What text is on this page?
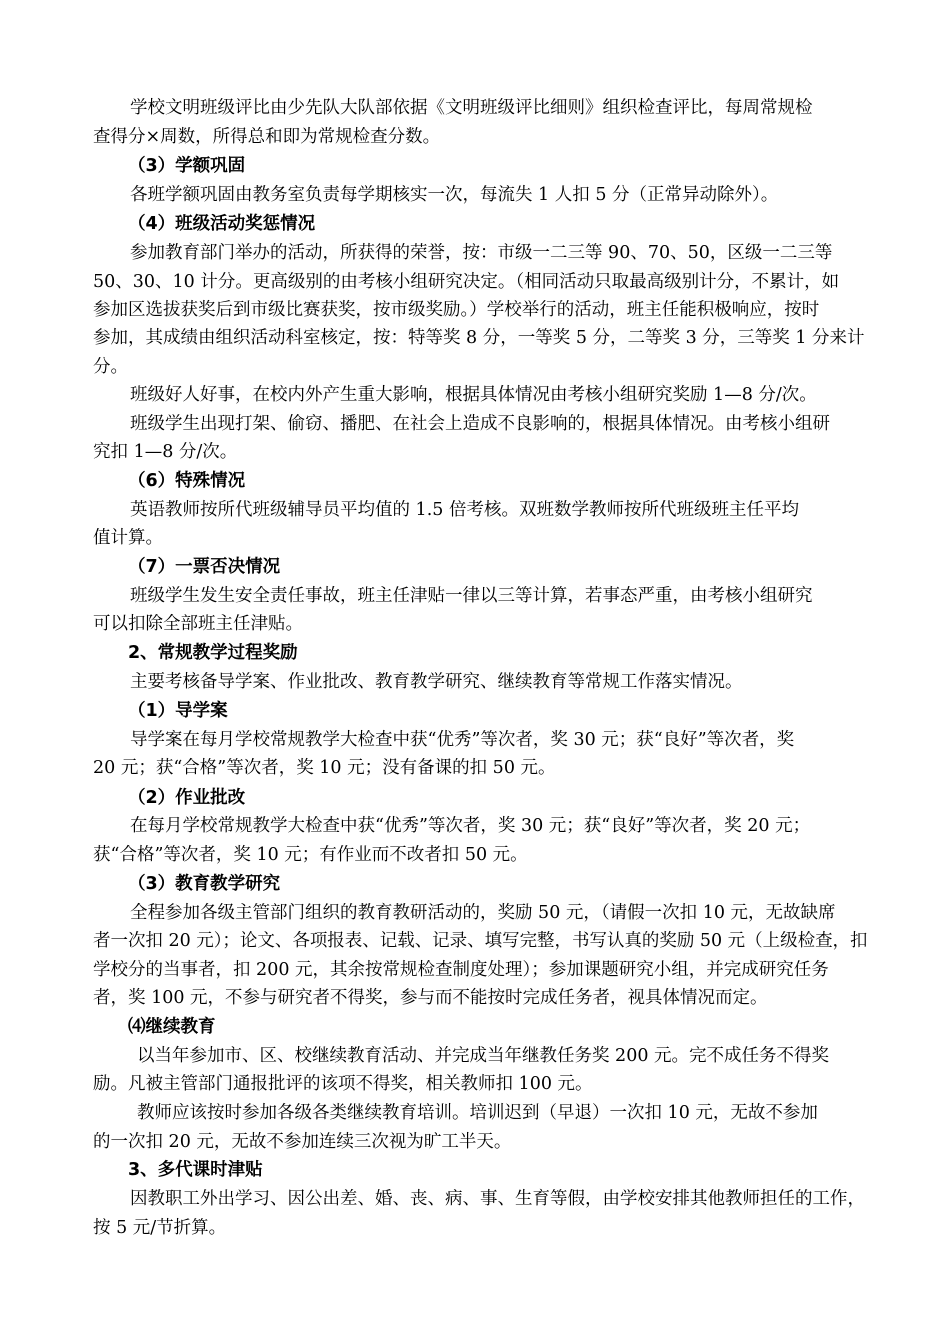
学校文明班级评比由少先队大队部依据《文明班级评比细则》组织检查评比，每周常规检
查得分×周数，所得总和即为常规检查分数。
（3）学额巩固
各班学额巩固由教务室负责每学期核实一次，每流失 1 人扣 5 分（正常异动除外）。
（4）班级活动奖惩情况
参加教育部门举办的活动，所获得的荣誉，按：市级一二三等 90、70、50，区级一二三等
50、30、10 计分。更高级别的由考核小组研究决定。（相同活动只取最高级别计分，不累计，如
参加区选拔获奖后到市级比赛获奖，按市级奖励。）学校举行的活动，班主任能积极响应，按时
参加，其成绩由组织活动科室核定，按：特等奖 8 分，一等奖 5 分，二等奖 3 分，三等奖 1 分来计
分。
班级好人好事，在校内外产生重大影响，根据具体情况由考核小组研究奖励 1—8 分/次。
班级学生出现打架、偷窃、播肥、在社会上造成不良影响的，根据具体情况。由考核小组研
究扣 1—8 分/次。
（6）特殊情况
英语教师按所代班级辅导员平均值的 1.5 倍考核。双班数学教师按所代班级班主任平均
值计算。
（7）一票否决情况
班级学生发生安全责任事故，班主任津贴一律以三等计算，若事态严重，由考核小组研究
可以扣除全部班主任津贴。
2、常规教学过程奖励
主要考核备导学案、作业批改、教育教学研究、继续教育等常规工作落实情况。
（1）导学案
导学案在每月学校常规教学大检查中获“优秀”等次者，奖 30 元；获“良好”等次者，奖
20 元；获“合格”等次者，奖 10 元；没有备课的扣 50 元。
（2）作业批改
在每月学校常规教学大检查中获“优秀”等次者，奖 30 元；获“良好”等次者，奖 20 元；
获“合格”等次者，奖 10 元；有作业而不改者扣 50 元。
（3）教育教学研究
全程参加各级主管部门组织的教育教研活动的，奖励 50 元，（请假一次扣 10 元，无故缺席
者一次扣 20 元）；论文、各项报表、记载、记录、填写完整，书写认真的奖励 50 元（上级检查，扣
学校分的当事者，扣 200 元，其余按常规检查制度处理）；参加课题研究小组，并完成研究任务
者，奖 100 元，不参与研究者不得奖，参与而不能按时完成任务者，视具体情况而定。
⑷继续教育
以当年参加市、区、校继续教育活动、并完成当年继教任务奖 200 元。完不成任务不得奖
励。凡被主管部门通报批评的该项不得奖，相关教师扣 100 元。
教师应该按时参加各级各类继续教育培训。培训迟到（早退）一次扣 10 元，无故不参加
的一次扣 20 元，无故不参加连续三次视为旷工半天。
3、多代课时津贴
因教职工外出学习、因公出差、婚、丧、病、事、生育等假，由学校安排其他教师担任的工作，
按 5 元/节折算。
